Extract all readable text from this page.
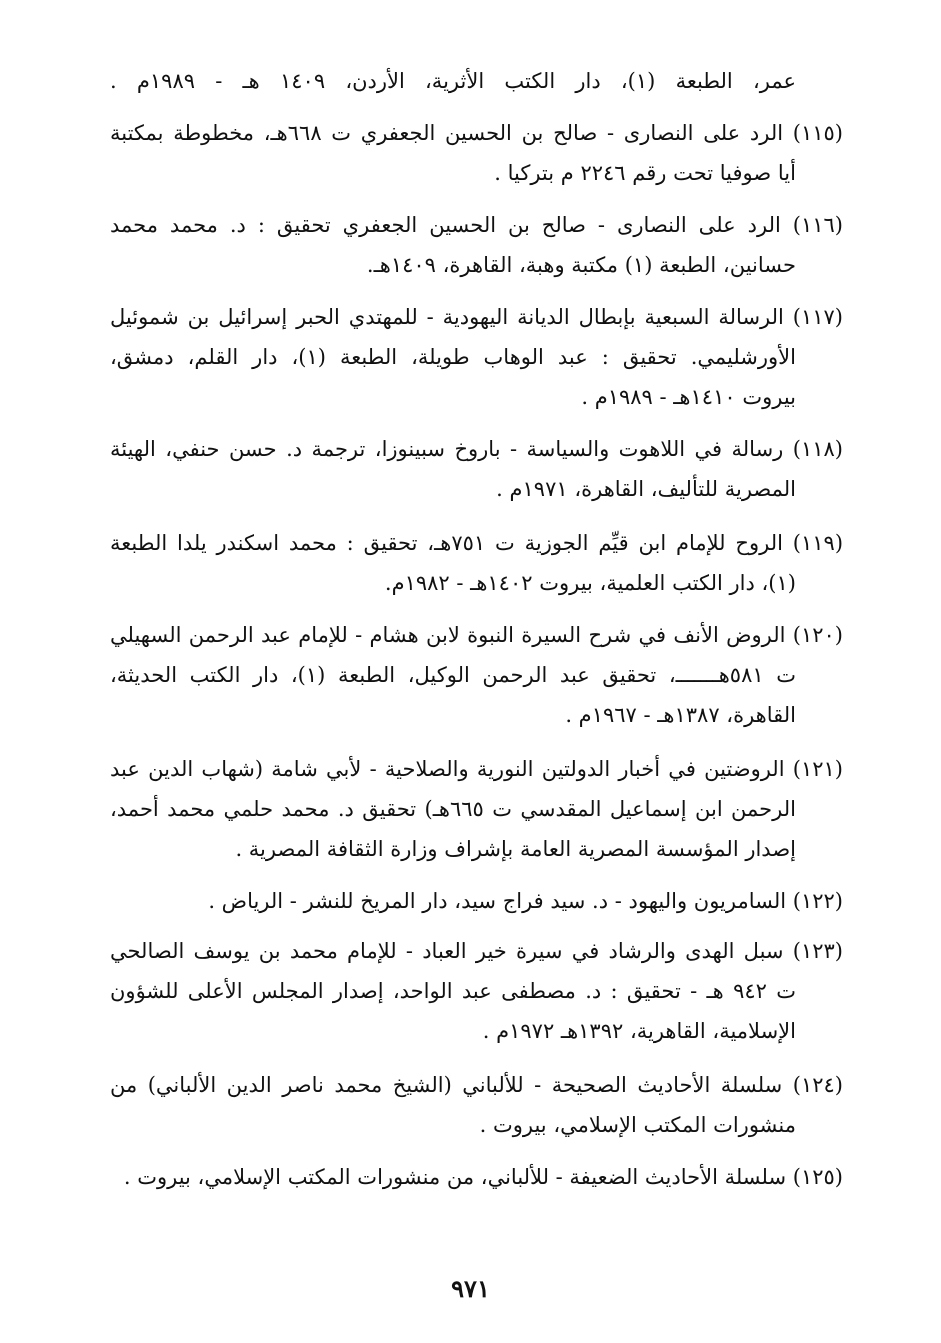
عمر، الطبعة (١)، دار الكتب الأثرية، الأردن، ١٤٠٩ هـ - ١٩٨٩م .
(١١٥) الرد على النصارى - صالح بن الحسين الجعفري ت ٦٦٨هـ، مخطوطة بمكتبة
أيا صوفيا تحت رقم ٢٢٤٦ م بتركيا .
(١١٦) الرد على النصارى - صالح بن الحسين الجعفري تحقيق : د. محمد محمد
حسانين، الطبعة (١) مكتبة وهبة، القاهرة، ١٤٠٩هـ.
(١١٧) الرسالة السبعية بإبطال الديانة اليهودية - للمهتدي الحبر إسرائيل بن شموئيل
الأورشليمي. تحقيق : عبد الوهاب طويلة، الطبعة (١)، دار القلم، دمشق،
بيروت ١٤١٠هـ - ١٩٨٩م .
(١١٨) رسالة في اللاهوت والسياسة - باروخ سبينوزا، ترجمة د. حسن حنفي، الهيئة
المصرية للتأليف، القاهرة، ١٩٧١م .
(١١٩) الروح للإمام ابن قيِّم الجوزية ت ٧٥١هـ، تحقيق : محمد اسكندر يلدا الطبعة
(١)، دار الكتب العلمية، بيروت ١٤٠٢هـ - ١٩٨٢م.
(١٢٠) الروض الأنف في شرح السيرة النبوة لابن هشام - للإمام عبد الرحمن السهيلي
ت ٥٨١هـــــــ، تحقيق عبد الرحمن الوكيل، الطبعة (١)، دار الكتب الحديثة،
القاهرة، ١٣٨٧هـ - ١٩٦٧م .
(١٢١) الروضتين في أخبار الدولتين النورية والصلاحية - لأبي شامة (شهاب الدين عبد
الرحمن ابن إسماعيل المقدسي ت ٦٦٥هـ) تحقيق د. محمد حلمي محمد أحمد،
إصدار المؤسسة المصرية العامة بإشراف وزارة الثقافة المصرية .
(١٢٢) السامريون واليهود - د. سيد فراج سيد، دار المريخ للنشر - الرياض .
(١٢٣) سبل الهدى والرشاد في سيرة خير العباد - للإمام محمد بن يوسف الصالحي
ت ٩٤٢ هـ - تحقيق : د. مصطفى عبد الواحد، إصدار المجلس الأعلى للشؤون
الإسلامية، القاهرية، ١٣٩٢هـ ١٩٧٢م .
(١٢٤) سلسلة الأحاديث الصحيحة - للألباني (الشيخ محمد ناصر الدين الألباني) من
منشورات المكتب الإسلامي، بيروت .
(١٢٥) سلسلة الأحاديث الضعيفة - للألباني، من منشورات المكتب الإسلامي، بيروت .
٩٧١
